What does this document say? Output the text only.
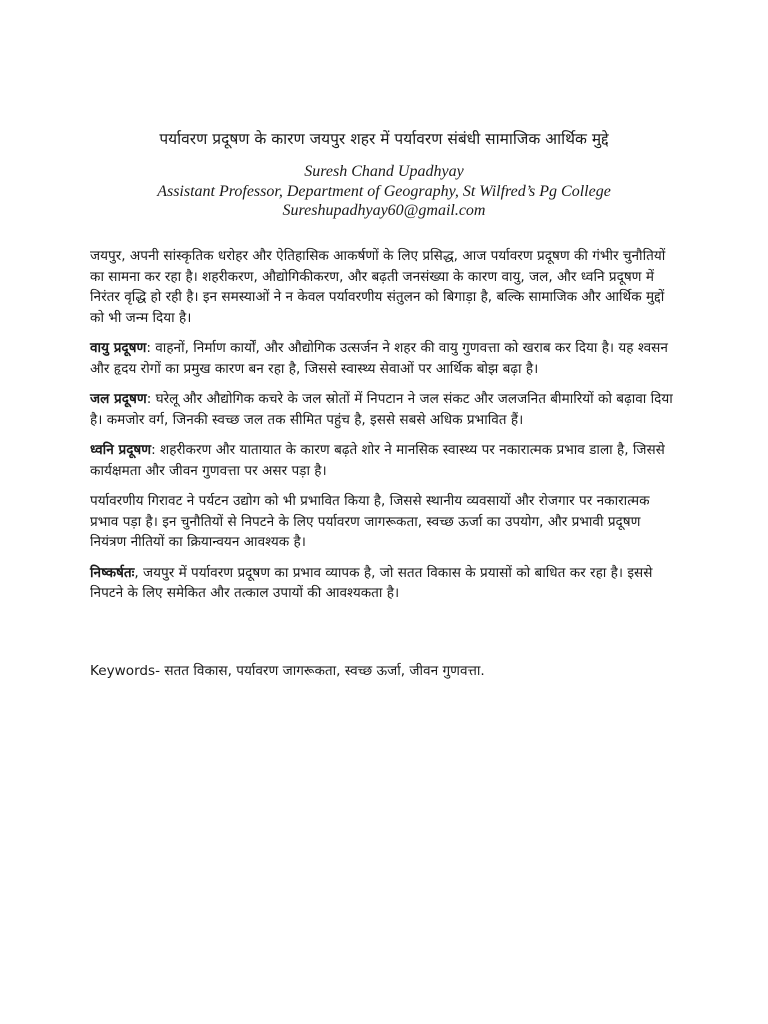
पर्यावरण प्रदूषण के कारण जयपुर शहर में पर्यावरण संबंधी सामाजिक आर्थिक मुद्दे
Suresh Chand Upadhyay
Assistant Professor, Department of Geography, St Wilfred’s Pg College
Sureshupadhyay60@gmail.com

जयपुर, अपनी सांस्कृतिक धरोहर और ऐतिहासिक आकर्षणों के लिए प्रसिद्ध, आज पर्यावरण प्रदूषण की गंभीर चुनौतियों का सामना कर रहा है। शहरीकरण, औद्योगिकीकरण, और बढ़ती जनसंख्या के कारण वायु, जल, और ध्वनि प्रदूषण में निरंतर वृद्धि हो रही है। इन समस्याओं ने न केवल पर्यावरणीय संतुलन को बिगाड़ा है, बल्कि सामाजिक और आर्थिक मुद्दों को भी जन्म दिया है।

वायु प्रदूषण: वाहनों, निर्माण कार्यों, और औद्योगिक उत्सर्जन ने शहर की वायु गुणवत्ता को खराब कर दिया है। यह श्वसन और हृदय रोगों का प्रमुख कारण बन रहा है, जिससे स्वास्थ्य सेवाओं पर आर्थिक बोझ बढ़ा है।

जल प्रदूषण: घरेलू और औद्योगिक कचरे के जल स्रोतों में निपटान ने जल संकट और जलजनित बीमारियों को बढ़ावा दिया है। कमजोर वर्ग, जिनकी स्वच्छ जल तक सीमित पहुंच है, इससे सबसे अधिक प्रभावित हैं।

ध्वनि प्रदूषण: शहरीकरण और यातायात के कारण बढ़ते शोर ने मानसिक स्वास्थ्य पर नकारात्मक प्रभाव डाला है, जिससे कार्यक्षमता और जीवन गुणवत्ता पर असर पड़ा है।

पर्यावरणीय गिरावट ने पर्यटन उद्योग को भी प्रभावित किया है, जिससे स्थानीय व्यवसायों और रोजगार पर नकारात्मक प्रभाव पड़ा है। इन चुनौतियों से निपटने के लिए पर्यावरण जागरूकता, स्वच्छ ऊर्जा का उपयोग, और प्रभावी प्रदूषण नियंत्रण नीतियों का क्रियान्वयन आवश्यक है।

निष्कर्षतः, जयपुर में पर्यावरण प्रदूषण का प्रभाव व्यापक है, जो सतत विकास के प्रयासों को बाधित कर रहा है। इससे निपटने के लिए समेकित और तत्काल उपायों की आवश्यकता है।

Keywords- सतत विकास, पर्यावरण जागरूकता, स्वच्छ ऊर्जा, जीवन गुणवत्ता.
